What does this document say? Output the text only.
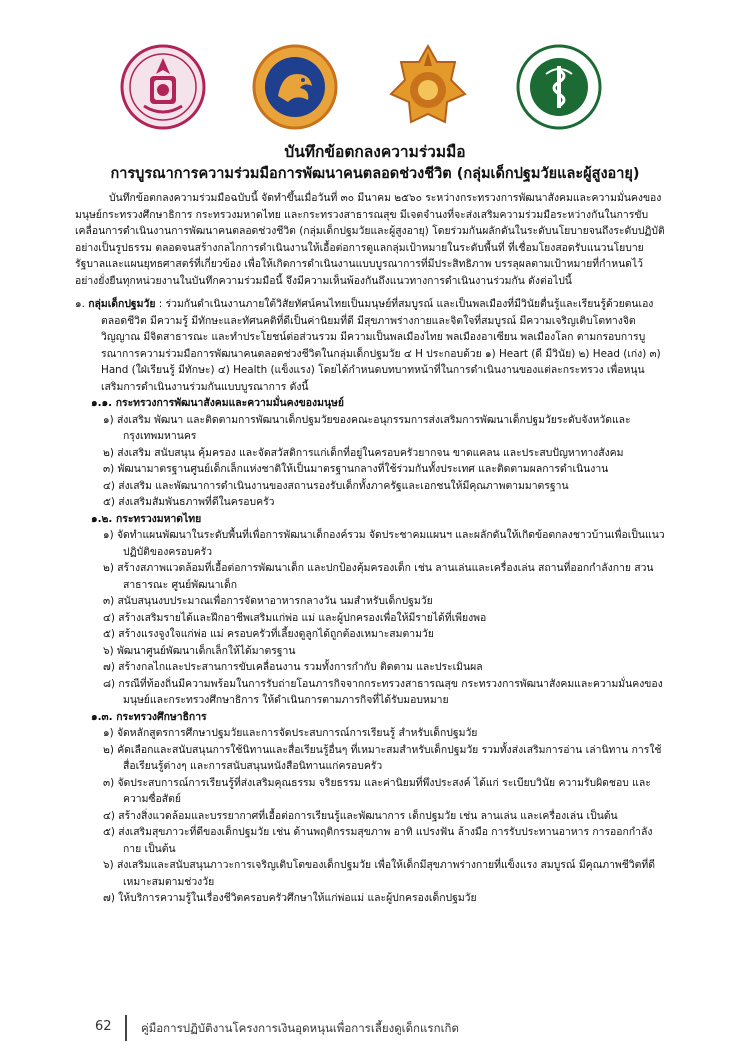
บันทึกข้อตกลงความร่วมมือ

การบูรณาการความร่วมมือการพัฒนาคนตลอดช่วงชีวิต (กลุ่มเด็กปฐมวัยและผู้สูงอายุ)

บันทึกข้อตกลงความร่วมมือฉบับนี้ จัดทำขึ้นเมื่อวันที่ ๓๐ มีนาคม ๒๕๖๐ ระหว่างกระทรวงการพัฒนาสังคมและความมั่นคงของมนุษย์กระทรวงศึกษาธิการ กระทรวงมหาดไทย และกระทรวงสาธารณสุข มีเจตจำนงที่จะส่งเสริมความร่วมมือระหว่างกันในการขับเคลื่อนการดำเนินงานการพัฒนาคนตลอดช่วงชีวิต (กลุ่มเด็กปฐมวัยและผู้สูงอายุ) โดยร่วมกันผลักดันในระดับนโยบายจนถึงระดับปฏิบัติอย่างเป็นรูปธรรม ตลอดจนสร้างกลไกการดำเนินงานให้เอื้อต่อการดูแลกลุ่มเป้าหมายในระดับพื้นที่ ที่เชื่อมโยงสอดรับแนวนโยบายรัฐบาลและแผนยุทธศาสตร์ที่เกี่ยวข้อง เพื่อให้เกิดการดำเนินงานแบบบูรณาการที่มีประสิทธิภาพ บรรลุผลตามเป้าหมายที่กำหนดไว้อย่างยั่งยืนทุกหน่วยงานในบันทึกความร่วมมือนี้ จึงมีความเห็นพ้องกันถึงแนวทางการดำเนินงานร่วมกัน ดังต่อไปนี้

๑. กลุ่มเด็กปฐมวัย : ร่วมกันดำเนินงานภายใต้วิสัยทัศน์คนไทยเป็นมนุษย์ที่สมบูรณ์ และเป็นพลเมืองที่มีวินัยตื่นรู้และเรียนรู้ด้วยตนเองตลอดชีวิต มีความรู้ มีทักษะและทัศนคติที่ดีเป็นค่านิยมที่ดี มีสุขภาพร่างกายและจิตใจที่สมบูรณ์ มีความเจริญเติบโตทางจิตวิญญาณ มีจิตสาธารณะ และทำประโยชน์ต่อส่วนรวม มีความเป็นพลเมืองไทย พลเมืองอาเซียน พลเมืองโลก ตามกรอบการบูรณาการความร่วมมือการพัฒนาคนตลอดช่วงชีวิตในกลุ่มเด็กปฐมวัย ๔ H ประกอบด้วย ๑) Heart (ดี มีวินัย) ๒) Head (เก่ง) ๓) Hand (ใฝ่เรียนรู้ มีทักษะ) ๔) Health (แข็งแรง) โดยได้กำหนดบทบาทหน้าที่ในการดำเนินงานของแต่ละกระทรวง เพื่อหนุนเสริมการดำเนินงานร่วมกันแบบบูรณาการ ดังนี้

๑.๑. กระทรวงการพัฒนาสังคมและความมั่นคงของมนุษย์

๑) ส่งเสริม พัฒนา และติดตามการพัฒนาเด็กปฐมวัยของคณะอนุกรรมการส่งเสริมการพัฒนาเด็กปฐมวัยระดับจังหวัดและกรุงเทพมหานคร
๒) ส่งเสริม สนับสนุน คุ้มครอง และจัดสวัสดิการแก่เด็กที่อยู่ในครอบครัวยากจน ขาดแคลน และประสบปัญหาทางสังคม
๓) พัฒนามาตรฐานศูนย์เด็กเล็กแห่งชาติให้เป็นมาตรฐานกลางที่ใช้ร่วมกันทั้งประเทศ และติดตามผลการดำเนินงาน
๔) ส่งเสริม และพัฒนาการดำเนินงานของสถานรองรับเด็กทั้งภาครัฐและเอกชนให้มีคุณภาพตามมาตรฐาน
๕) ส่งเสริมสัมพันธภาพที่ดีในครอบครัว

๑.๒. กระทรวงมหาดไทย

๑) จัดทำแผนพัฒนาในระดับพื้นที่เพื่อการพัฒนาเด็กองค์รวม จัดประชาคมแผนฯ และผลักดันให้เกิดข้อตกลงชาวบ้านเพื่อเป็นแนวปฏิบัติของครอบครัว
๒) สร้างสภาพแวดล้อมที่เอื้อต่อการพัฒนาเด็ก และปกป้องคุ้มครองเด็ก เช่น ลานเล่นและเครื่องเล่น สถานที่ออกกำลังกาย สวนสาธารณะ ศูนย์พัฒนาเด็ก
๓) สนับสนุนงบประมาณเพื่อการจัดหาอาหารกลางวัน นมสำหรับเด็กปฐมวัย
๔) สร้างเสริมรายได้และฝึกอาชีพเสริมแก่พ่อ แม่ และผู้ปกครองเพื่อให้มีรายได้ที่เพียงพอ
๕) สร้างแรงจูงใจแก่พ่อ แม่ ครอบครัวที่เลี้ยงดูลูกได้ถูกต้องเหมาะสมตามวัย
๖) พัฒนาศูนย์พัฒนาเด็กเล็กให้ได้มาตรฐาน
๗) สร้างกลไกและประสานการขับเคลื่อนงาน รวมทั้งการกำกับ ติดตาม และประเมินผล
๘) กรณีที่ท้องถิ่นมีความพร้อมในการรับถ่ายโอนภารกิจจากกระทรวงสาธารณสุข กระทรวงการพัฒนาสังคมและความมั่นคงของมนุษย์และกระทรวงศึกษาธิการ ให้ดำเนินการตามภารกิจที่ได้รับมอบหมาย

๑.๓. กระทรวงศึกษาธิการ

๑) จัดหลักสูตรการศึกษาปฐมวัยและการจัดประสบการณ์การเรียนรู้ สำหรับเด็กปฐมวัย
๒) คัดเลือกและสนับสนุนการใช้นิทานและสื่อเรียนรู้อื่นๆ ที่เหมาะสมสำหรับเด็กปฐมวัย รวมทั้งส่งเสริมการอ่าน เล่านิทาน การใช้สื่อเรียนรู้ต่างๆ และการสนับสนุนหนังสือนิทานแก่ครอบครัว
๓) จัดประสบการณ์การเรียนรู้ที่ส่งเสริมคุณธรรม จริยธรรม และค่านิยมที่พึงประสงค์ ได้แก่ ระเบียบวินัย ความรับผิดชอบ และความซื่อสัตย์
๔) สร้างสิ่งแวดล้อมและบรรยากาศที่เอื้อต่อการเรียนรู้และพัฒนาการ เด็กปฐมวัย เช่น ลานเล่น และเครื่องเล่น เป็นต้น
๕) ส่งเสริมสุขภาวะที่ดีของเด็กปฐมวัย เช่น ด้านพฤติกรรมสุขภาพ อาทิ แปรงฟัน ล้างมือ การรับประทานอาหาร การออกกำลังกาย เป็นต้น
๖) ส่งเสริมและสนับสนุนภาวะการเจริญเติบโตของเด็กปฐมวัย เพื่อให้เด็กมีสุขภาพร่างกายที่แข็งแรง สมบูรณ์ มีคุณภาพชีวิตที่ดี เหมาะสมตามช่วงวัย
๗) ให้บริการความรู้ในเรื่องชีวิตครอบครัวศึกษาให้แก่พ่อแม่ และผู้ปกครองเด็กปฐมวัย
62	คู่มือการปฏิบัติงานโครงการเงินอุดหนุนเพื่อการเลี้ยงดูเด็กแรกเกิด
